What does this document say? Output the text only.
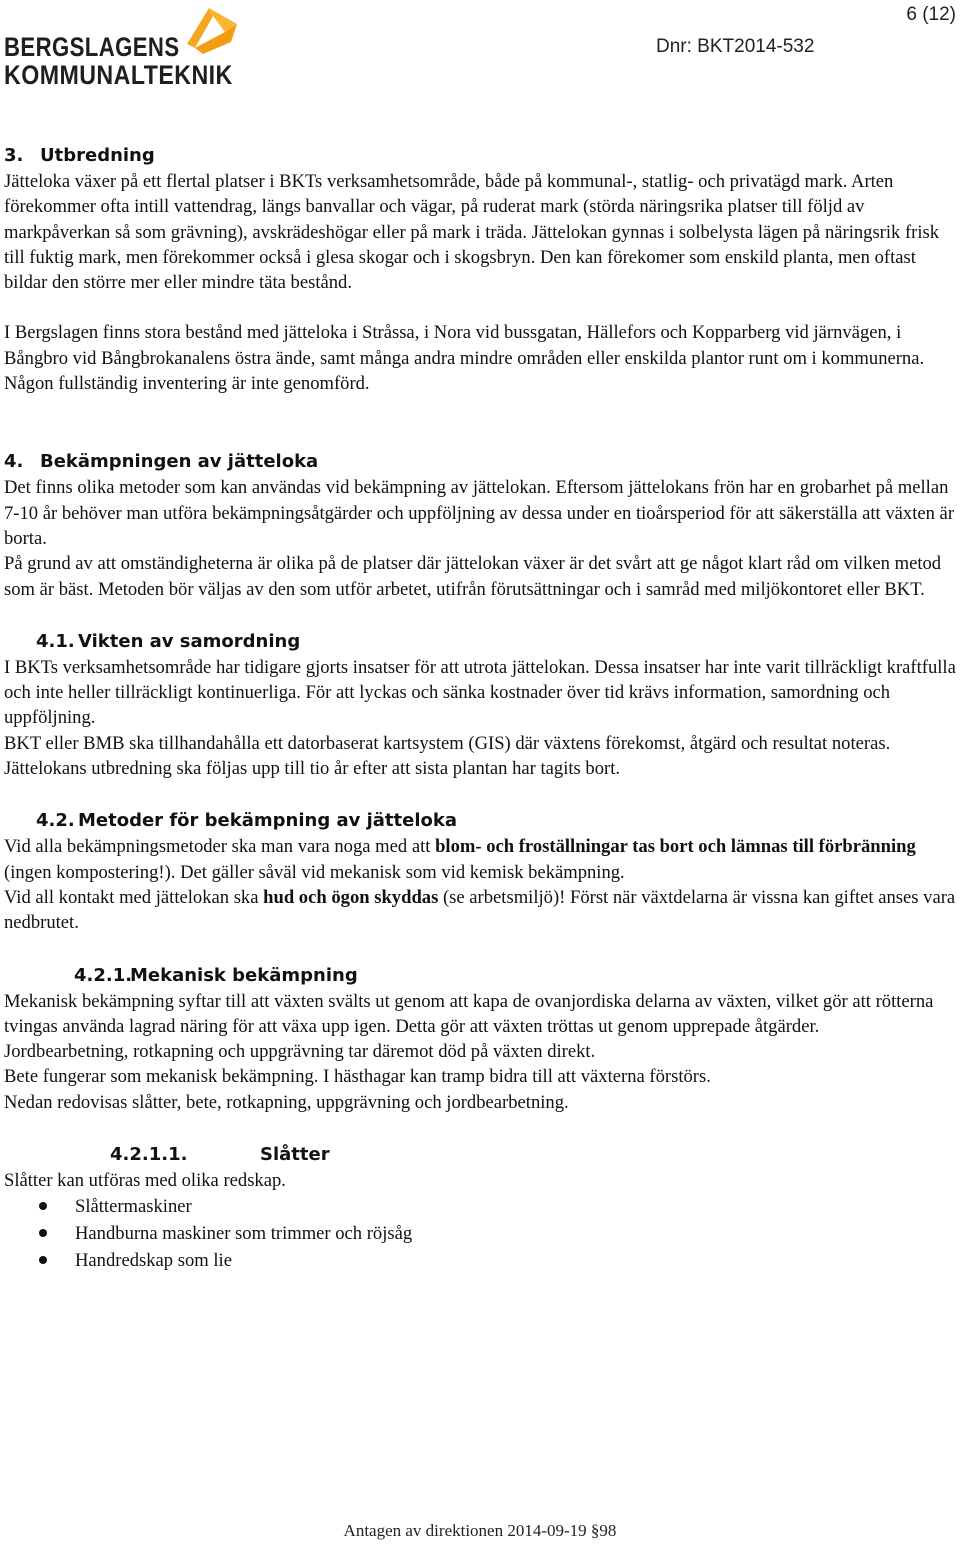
BERGSLAGENS
KOMMUNALTEKNIK
6 (12)
Dnr: BKT2014-532
3. Utbredning

Jätteloka växer på ett flertal platser i BKTs verksamhetsområde, både på kommunal-, statlig- och privatägd mark. Arten förekommer ofta intill vattendrag, längs banvallar och vägar, på ruderat mark (störda näringsrika platser till följd av markpåverkan så som grävning), avskrädeshögar eller på mark i träda. Jättelokan gynnas i solbelysta lägen på näringsrik frisk till fuktig mark, men förekommer också i glesa skogar och i skogsbryn. Den kan förekomer som enskild planta, men oftast bildar den större mer eller mindre täta bestånd.

I Bergslagen finns stora bestånd med jätteloka i Stråssa, i Nora vid bussgatan, Hällefors och Kopparberg vid järnvägen, i Bångbro vid Bångbrokanalens östra ände, samt många andra mindre områden eller enskilda plantor runt om i kommunerna. Någon fullständig inventering är inte genomförd.

4. Bekämpningen av jätteloka

Det finns olika metoder som kan användas vid bekämpning av jättelokan. Eftersom jättelokans frön har en grobarhet på mellan 7-10 år behöver man utföra bekämpningsåtgärder och uppföljning av dessa under en tioårsperiod för att säkerställa att växten är borta.

På grund av att omständigheterna är olika på de platser där jättelokan växer är det svårt att ge något klart råd om vilken metod som är bäst. Metoden bör väljas av den som utför arbetet, utifrån förutsättningar och i samråd med miljökontoret eller BKT.

4.1. Vikten av samordning

I BKTs verksamhetsområde har tidigare gjorts insatser för att utrota jättelokan. Dessa insatser har inte varit tillräckligt kraftfulla och inte heller tillräckligt kontinuerliga. För att lyckas och sänka kostnader över tid krävs information, samordning och uppföljning.

BKT eller BMB ska tillhandahålla ett datorbaserat kartsystem (GIS) där växtens förekomst, åtgärd och resultat noteras. Jättelokans utbredning ska följas upp till tio år efter att sista plantan har tagits bort.

4.2. Metoder för bekämpning av jätteloka

Vid alla bekämpningsmetoder ska man vara noga med att blom- och froställningar tas bort och lämnas till förbränning (ingen kompostering!). Det gäller såväl vid mekanisk som vid kemisk bekämpning.

Vid all kontakt med jättelokan ska hud och ögon skyddas (se arbetsmiljö)! Först när växtdelarna är vissna kan giftet anses vara nedbrutet.

4.2.1.Mekanisk bekämpning

Mekanisk bekämpning syftar till att växten svälts ut genom att kapa de ovanjordiska delarna av växten, vilket gör att rötterna tvingas använda lagrad näring för att växa upp igen. Detta gör att växten tröttas ut genom upprepade åtgärder.

Jordbearbetning, rotkapning och uppgrävning tar däremot död på växten direkt.

Bete fungerar som mekanisk bekämpning. I hästhagar kan tramp bidra till att växterna förstörs.

Nedan redovisas slåtter, bete, rotkapning, uppgrävning och jordbearbetning.

4.2.1.1.	Slåtter

Slåtter kan utföras med olika redskap.

Slåttermaskiner
Handburna maskiner som trimmer och röjsåg
Handredskap som lie
Antagen av direktionen 2014-09-19 §98
